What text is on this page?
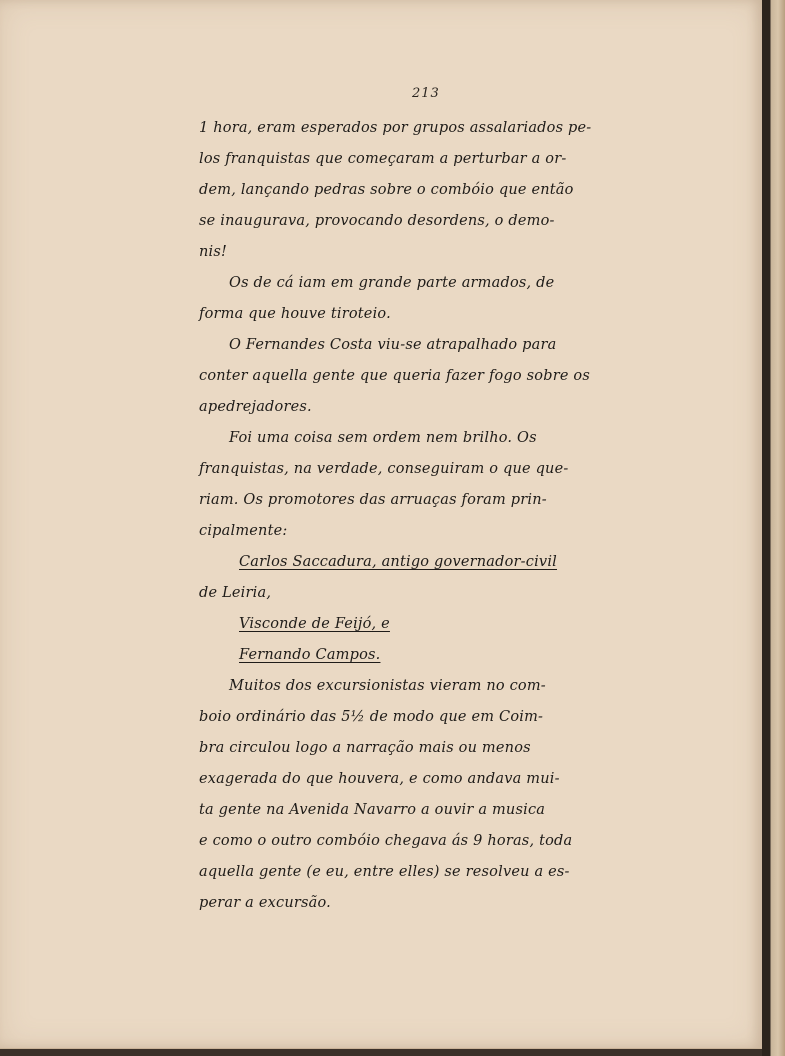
213
1 hora, eram esperados por grupos assalariados pe-
los franquistas que começaram a perturbar a or-
dem, lançando pedras sobre o combóio que então
se inaugurava, provocando desordens, o demo-
nis!
Os de cá iam em grande parte armados, de
forma que houve tiroteio.
O Fernandes Costa viu-se atrapalhado para
conter aquella gente que queria fazer fogo sobre os
apedrejadores.
Foi uma coisa sem ordem nem brilho. Os
franquistas, na verdade, conseguiram o que que-
riam. Os promotores das arruaças foram prin-
cipalmente:
Carlos Saccadura, antigo governador-civil
de Leiria,
Visconde de Feijó, e
Fernando Campos.
Muitos dos excursionistas vieram no com-
boio ordinário das 5½ de modo que em Coim-
bra circulou logo a narração mais ou menos
exagerada do que houvera, e como andava mui-
ta gente na Avenida Navarro a ouvir a musica
e como o outro combóio chegava ás 9 horas, toda
aquella gente (e eu, entre elles) se resolveu a es-
perar a excursão.
